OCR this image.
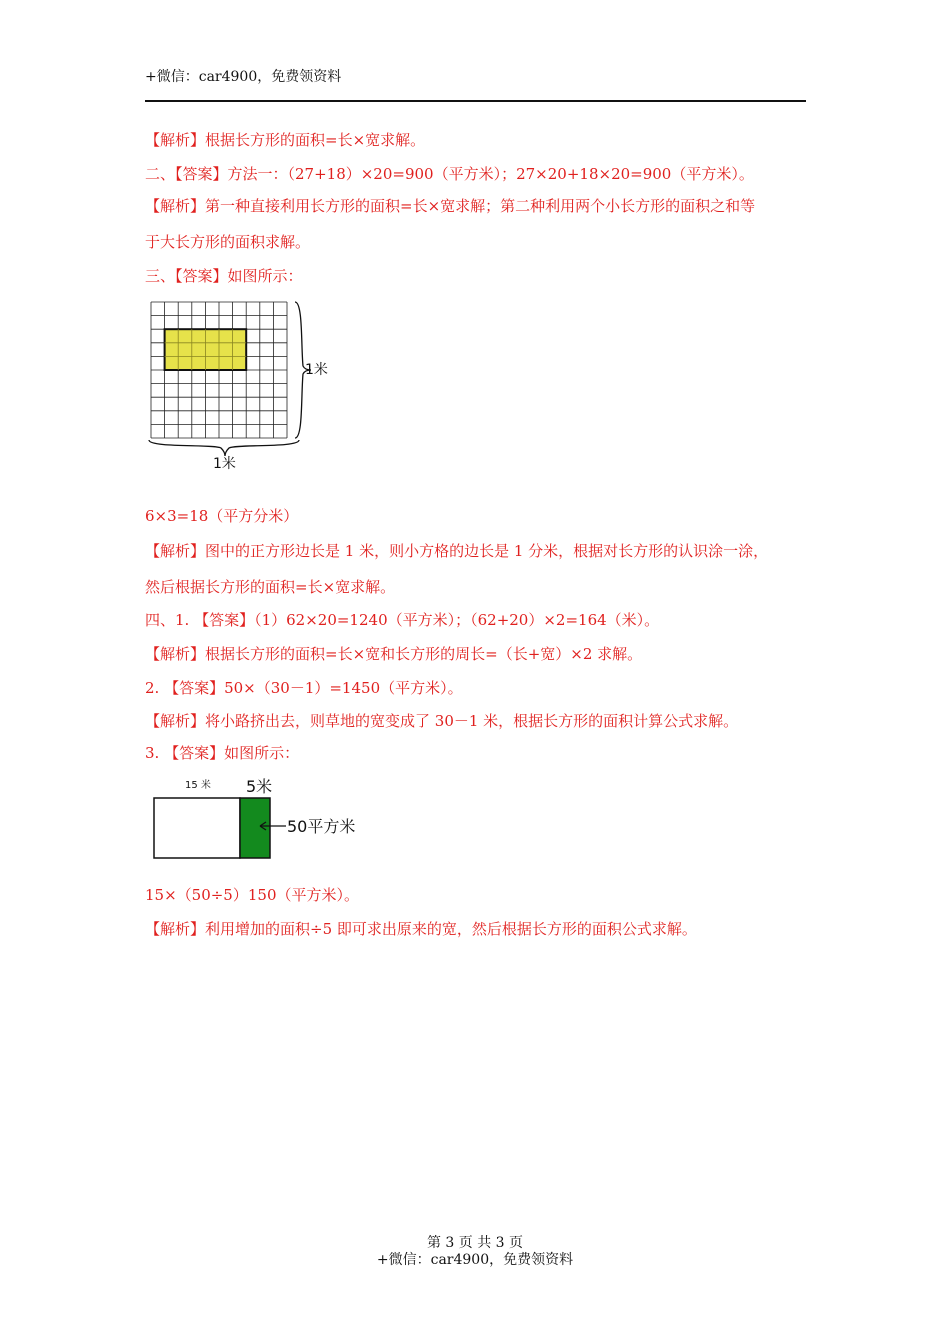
+微信：car4900，免费领资料
【解析】根据长方形的面积=长×宽求解。
二、【答案】方法一：（27+18）×20=900（平方米）；27×20+18×20=900（平方米）。
【解析】第一种直接利用长方形的面积=长×宽求解；第二种利用两个小长方形的面积之和等
于大长方形的面积求解。
三、【答案】如图所示：
1米
1米
6×3=18（平方分米）
【解析】图中的正方形边长是 1 米，则小方格的边长是 1 分米，根据对长方形的认识涂一涂，
然后根据长方形的面积=长×宽求解。
四、1. 【答案】（1）62×20=1240（平方米）；（62+20）×2=164（米）。
【解析】根据长方形的面积=长×宽和长方形的周长=（长+宽）×2 求解。
2. 【答案】50×（30－1）=1450（平方米）。
【解析】将小路挤出去，则草地的宽变成了 30－1 米，根据长方形的面积计算公式求解。
3. 【答案】如图所示：
15 米 5米
50平方米
15×（50÷5）150（平方米）。
【解析】利用增加的面积÷5 即可求出原来的宽，然后根据长方形的面积公式求解。
第 3 页 共 3 页
+微信：car4900，免费领资料
